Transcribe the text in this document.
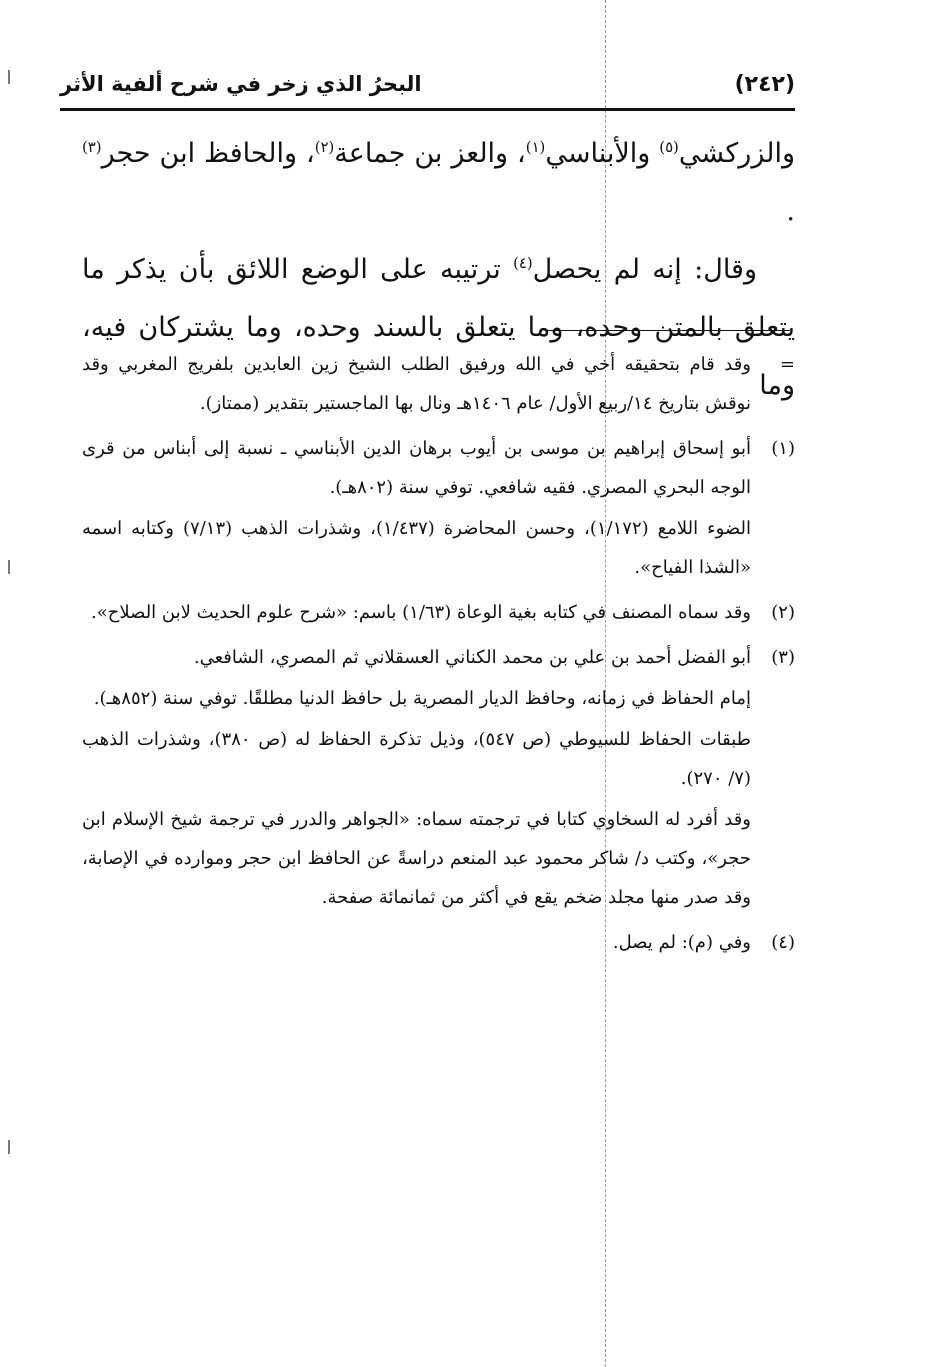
(٢٤٢)
البحرُ الذي زخر في شرح ألفية الأثر

والزركشي$^{(٥)}$ والأبناسي$^{(١)}$، والعز بن جماعة$^{(٢)}$، والحافظ ابن حجر$^{(٣)}$ .

وقال: إنه لم يحصل$^{(٤)}$ ترتيبه على الوضع اللائق بأن يذكر ما يتعلق بالمتن وحده، وما يتعلق بالسند وحده، وما يشتركان فيه، وما

=

وقد قام بتحقيقه أخي في الله ورفيق الطلب الشيخ زين العابدين بلفريج المغربي وقد نوقش بتاريخ ١٤/ربيع الأول/ عام ١٤٠٦هـ ونال بها الماجستير بتقدير (ممتاز).

(١)

أبو إسحاق إبراهيم بن موسى بن أيوب برهان الدين الأبناسي ـ نسبة إلى أبناس من قرى الوجه البحري المصري. فقيه شافعي. توفي سنة (٨٠٢هـ).

الضوء اللامع (١/١٧٢)، وحسن المحاضرة (١/٤٣٧)، وشذرات الذهب (٧/١٣) وكتابه اسمه «الشذا الفياح».

(٢)

وقد سماه المصنف في كتابه بغية الوعاة (١/٦٣) باسم: «شرح علوم الحديث لابن الصلاح».

(٣)

أبو الفضل أحمد بن علي بن محمد الكناني العسقلاني ثم المصري، الشافعي.

إمام الحفاظ في زمانه، وحافظ الديار المصرية بل حافظ الدنيا مطلقًا. توفي سنة (٨٥٢هـ).

طبقات الحفاظ للسيوطي (ص ٥٤٧)، وذيل تذكرة الحفاظ له (ص ٣٨٠)، وشذرات الذهب (٧/ ٢٧٠).

وقد أفرد له السخاوي كتابا في ترجمته سماه: «الجواهر والدرر في ترجمة شيخ الإسلام ابن حجر»، وكتب د/ شاكر محمود عبد المنعم دراسةً عن الحافظ ابن حجر وموارده في الإصابة، وقد صدر منها مجلد ضخم يقع في أكثر من ثمانمائة صفحة.

(٤)

وفي (م): لم يصل.
